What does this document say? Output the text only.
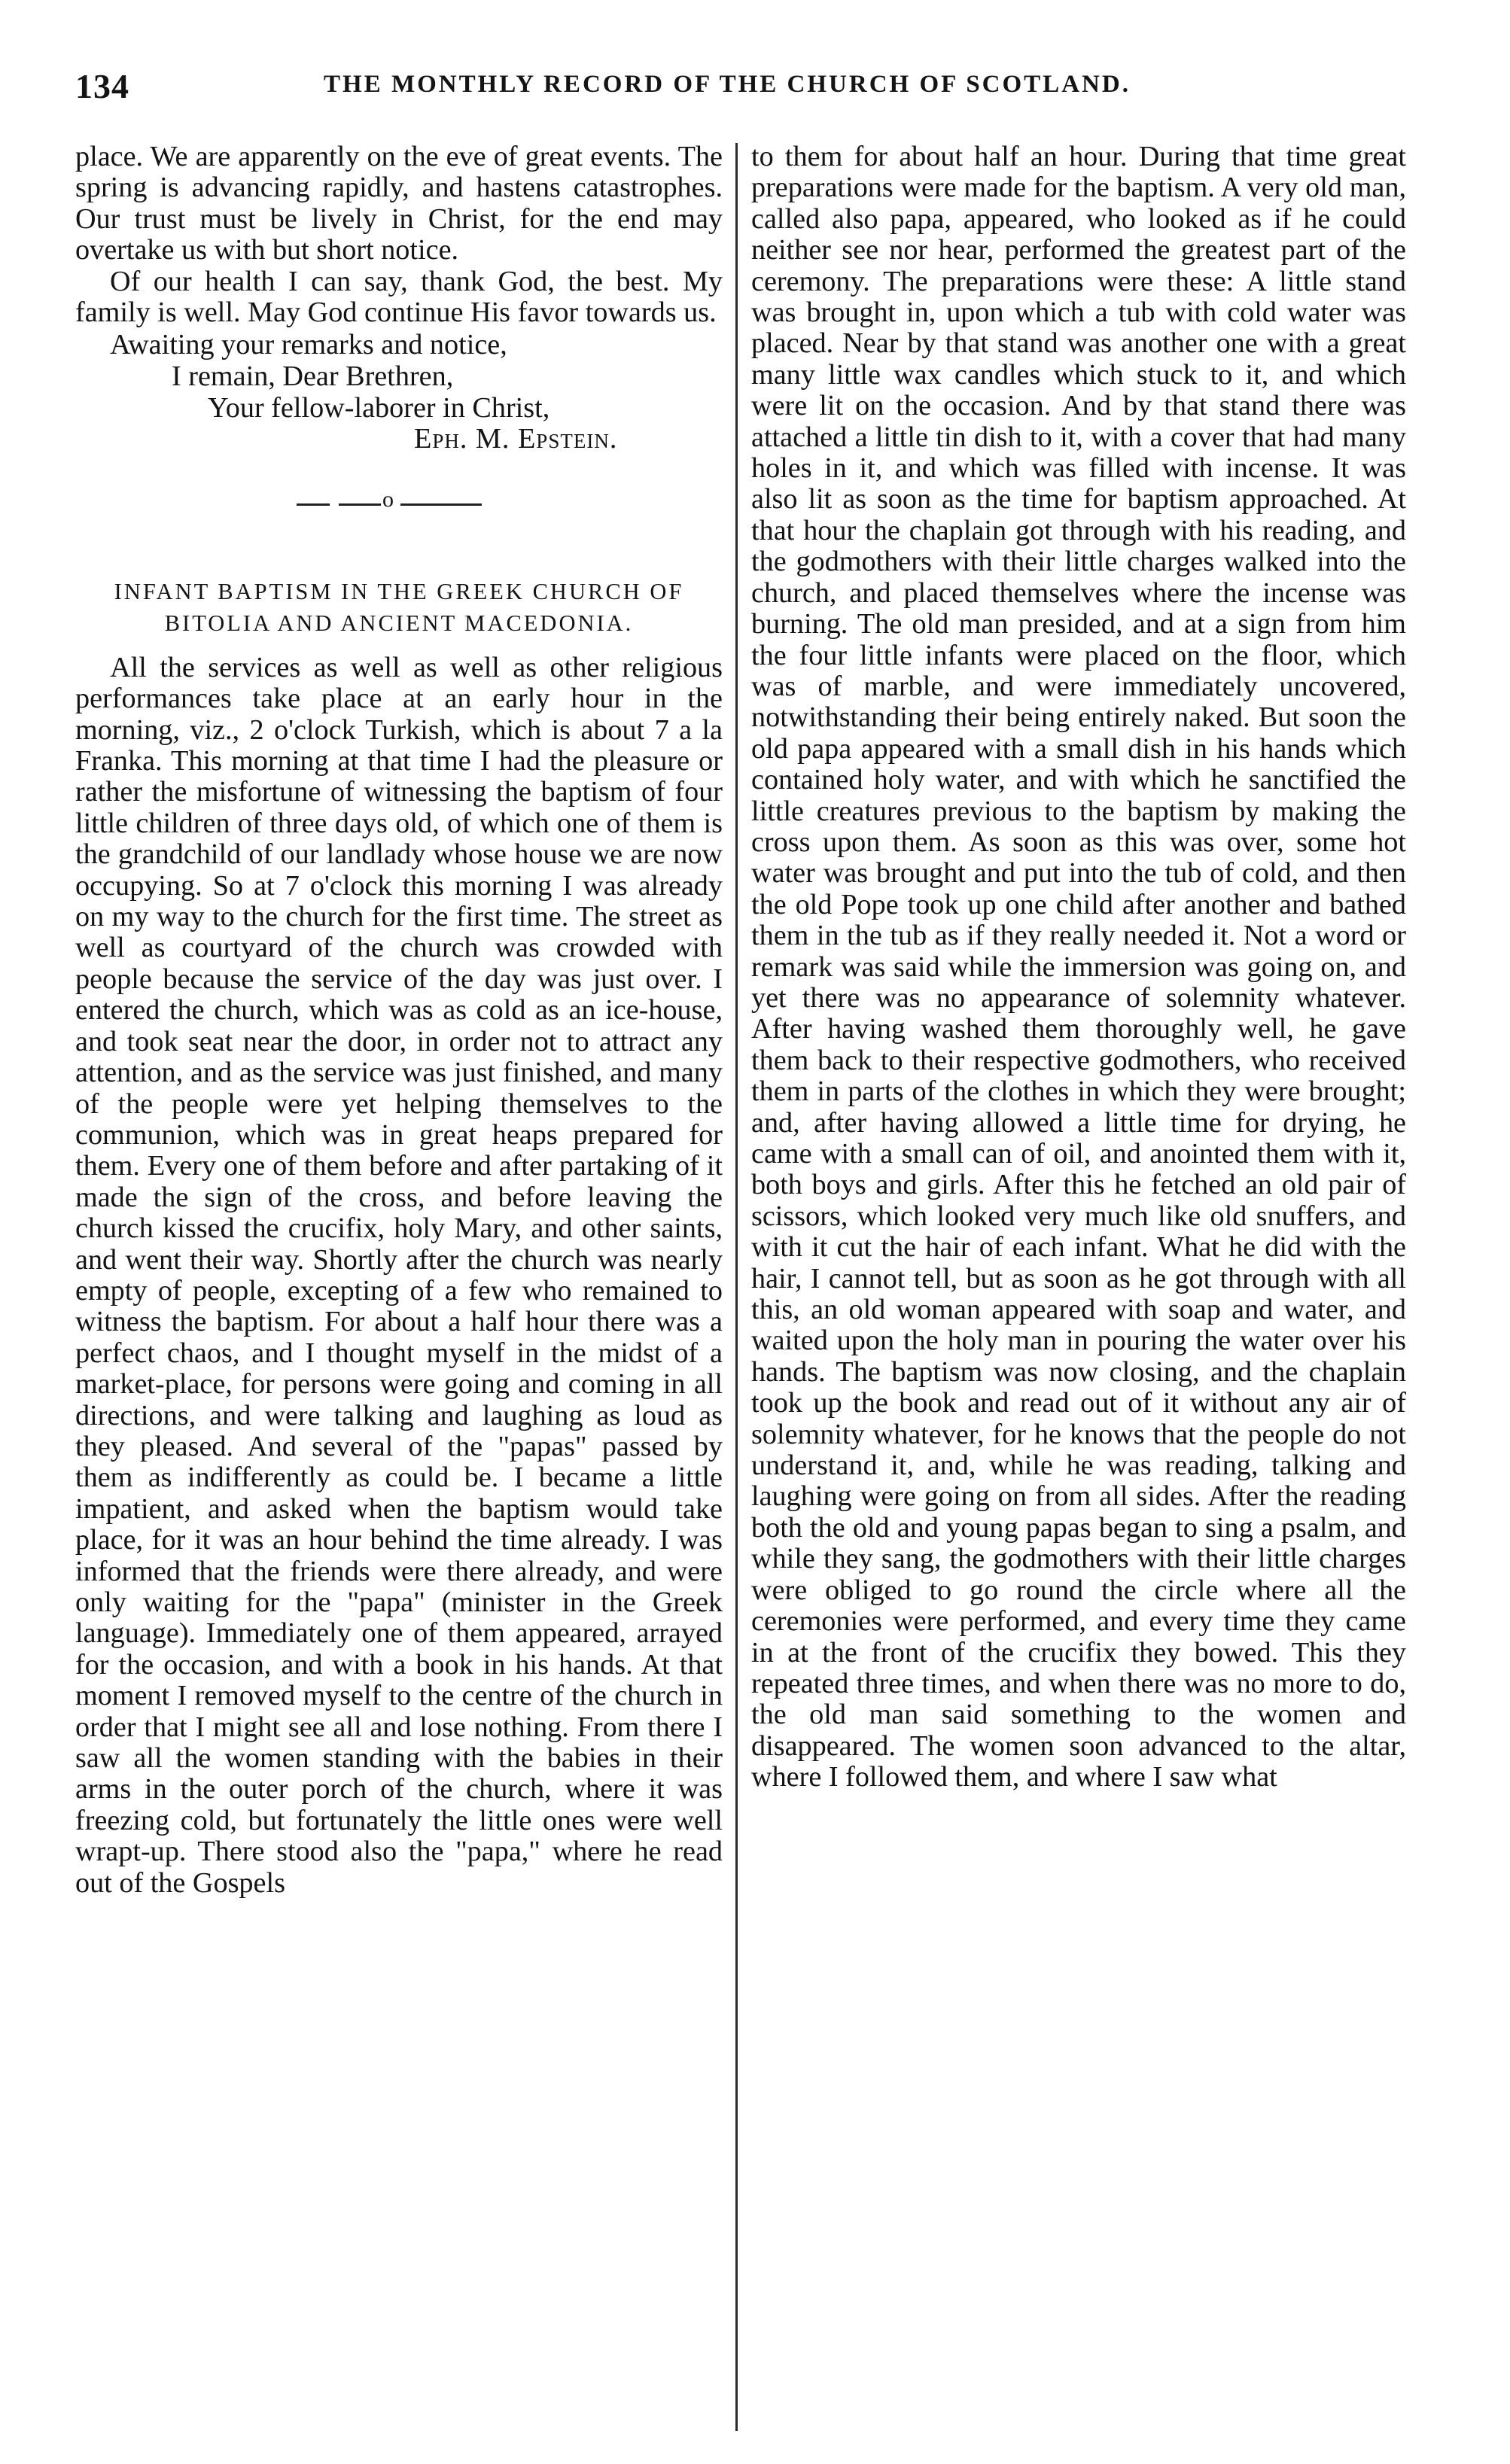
134	THE MONTHLY RECORD OF THE CHURCH OF SCOTLAND.

place. We are apparently on the eve of great events. The spring is advancing rapidly, and hastens catastrophes. Our trust must be lively in Christ, for the end may overtake us with but short notice.

Of our health I can say, thank God, the best. My family is well. May God continue His favor towards us.

Awaiting your remarks and notice,
I remain, Dear Brethren,
Your fellow-laborer in Christ,
Eph. M. Epstein.
o
INFANT BAPTISM IN THE GREEK CHURCH OF
BITOLIA AND ANCIENT MACEDONIA.

All the services as well as well as other religious performances take place at an early hour in the morning, viz., 2 o'clock Turkish, which is about 7 a la Franka. This morning at that time I had the pleasure or rather the misfortune of witnessing the baptism of four little children of three days old, of which one of them is the grandchild of our landlady whose house we are now occupying. So at 7 o'clock this morning I was already on my way to the church for the first time. The street as well as courtyard of the church was crowded with people because the service of the day was just over. I entered the church, which was as cold as an ice-house, and took seat near the door, in order not to attract any attention, and as the service was just finished, and many of the people were yet helping themselves to the communion, which was in great heaps prepared for them. Every one of them before and after partaking of it made the sign of the cross, and before leaving the church kissed the crucifix, holy Mary, and other saints, and went their way. Shortly after the church was nearly empty of people, excepting of a few who remained to witness the baptism. For about a half hour there was a perfect chaos, and I thought myself in the midst of a market-place, for persons were going and coming in all directions, and were talking and laughing as loud as they pleased. And several of the "papas" passed by them as indifferently as could be. I became a little impatient, and asked when the baptism would take place, for it was an hour behind the time already. I was informed that the friends were there already, and were only waiting for the "papa" (minister in the Greek language). Immediately one of them appeared, arrayed for the occasion, and with a book in his hands. At that moment I removed myself to the centre of the church in order that I might see all and lose nothing. From there I saw all the women standing with the babies in their arms in the outer porch of the church, where it was freezing cold, but fortunately the little ones were well wrapt-up. There stood also the "papa," where he read out of the Gospels

to them for about half an hour. During that time great preparations were made for the baptism. A very old man, called also papa, appeared, who looked as if he could neither see nor hear, performed the greatest part of the ceremony. The preparations were these: A little stand was brought in, upon which a tub with cold water was placed. Near by that stand was another one with a great many little wax candles which stuck to it, and which were lit on the occasion. And by that stand there was attached a little tin dish to it, with a cover that had many holes in it, and which was filled with incense. It was also lit as soon as the time for baptism approached. At that hour the chaplain got through with his reading, and the godmothers with their little charges walked into the church, and placed themselves where the incense was burning. The old man presided, and at a sign from him the four little infants were placed on the floor, which was of marble, and were immediately uncovered, notwithstanding their being entirely naked. But soon the old papa appeared with a small dish in his hands which contained holy water, and with which he sanctified the little creatures previous to the baptism by making the cross upon them. As soon as this was over, some hot water was brought and put into the tub of cold, and then the old Pope took up one child after another and bathed them in the tub as if they really needed it. Not a word or remark was said while the immersion was going on, and yet there was no appearance of solemnity whatever. After having washed them thoroughly well, he gave them back to their respective godmothers, who received them in parts of the clothes in which they were brought; and, after having allowed a little time for drying, he came with a small can of oil, and anointed them with it, both boys and girls. After this he fetched an old pair of scissors, which looked very much like old snuffers, and with it cut the hair of each infant. What he did with the hair, I cannot tell, but as soon as he got through with all this, an old woman appeared with soap and water, and waited upon the holy man in pouring the water over his hands. The baptism was now closing, and the chaplain took up the book and read out of it without any air of solemnity whatever, for he knows that the people do not understand it, and, while he was reading, talking and laughing were going on from all sides. After the reading both the old and young papas began to sing a psalm, and while they sang, the godmothers with their little charges were obliged to go round the circle where all the ceremonies were performed, and every time they came in at the front of the crucifix they bowed. This they repeated three times, and when there was no more to do, the old man said something to the women and disappeared. The women soon advanced to the altar, where I followed them, and where I saw what
